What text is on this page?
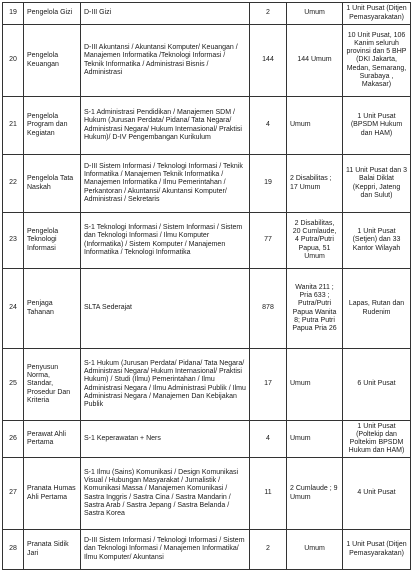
19	Pengelola Gizi	D-III Gizi	2	Umum	1 Unit Pusat (Ditjen Pemasyarakatan)
20	Pengelola Keuangan	D-III Akuntansi / Akuntansi Komputer/ Keuangan / Manajemen Informatika /Teknologi Informasi / Teknik Informatika / Administrasi Bisnis / Administrasi	144	144 Umum	10 Unit Pusat, 106 Kanim seluruh provinsi dan 5 BHP (DKI Jakarta, Medan, Semarang, Surabaya , Makasar)
21	Pengelola Program dan Kegiatan	S-1 Administrasi Pendidikan / Manajemen SDM / Hukum (Jurusan Perdata/ Pidana/ Tata Negara/ Administrasi Negara/ Hukum Internasional/ Praktisi Hukum)/ D-IV Pengembangan Kurikulum	4	Umum	1 Unit Pusat (BPSDM Hukum dan HAM)
22	Pengelola Tata Naskah	D-III Sistem Informasi / Teknologi Informasi / Teknik Informatika / Manajemen Teknik Informatika / Manajemen Informatika / Ilmu Pemerintahan / Perkantoran / Akuntansi/ Akuntansi Komputer/ Administrasi / Sekretaris	19	2 Disabilitas ; 17 Umum	11 Unit Pusat dan 3 Balai Diklat (Keppri, Jateng dan Sulut)
23	Pengelola Teknologi Informasi	S-1 Teknologi Informasi / Sistem Informasi / Sistem dan Teknologi Informasi / Ilmu Komputer (Informatika) / Sistem Komputer / Manajemen Informatika / Teknologi Informatika	77	2 Disabilitas, 20 Cumlaude, 4 Putra/Putri Papua, 51 Umum	1 Unit Pusat (Setjen) dan 33 Kantor Wilayah
24	Penjaga Tahanan	SLTA Sederajat	878	Wanita 211 ; Pria 633 ; Putra/Putri Papua Wanita 8; Putra Putri Papua Pria 26	Lapas, Rutan dan Rudenim
25	Penyusun Norma, Standar, Prosedur Dan Kriteria	S-1 Hukum (Jurusan Perdata/ Pidana/ Tata Negara/ Administrasi Negara/ Hukum Internasional/ Praktisi Hukum) / Studi (Ilmu) Pemerintahan / Ilmu Administrasi Negara / Ilmu Administrasi Publik / Ilmu Administrasi Negara / Manajemen Dan Kebijakan Publik	17	Umum	6 Unit Pusat
26	Perawat Ahli Pertama	S-1 Keperawatan + Ners	4	Umum	1 Unit Pusat (Poltekip dan Poltekim BPSDM Hukum dan HAM)
27	Pranata Humas Ahli Pertama	S-1 Ilmu (Sains) Komunikasi / Design Komunikasi Visual / Hubungan Masyarakat / Jurnalistik / Komunikasi Massa / Manajemen Komunikasi / Sastra Inggris / Sastra Cina / Sastra Mandarin / Sastra Arab / Sastra Jepang / Sastra Belanda / Sastra Korea	11	2 Cumlaude ; 9 Umum	4 Unit Pusat
28	Pranata Sidik Jari	D-III Sistem Informasi / Teknologi Informasi / Sistem dan Teknologi Informasi / Manajemen Informatika/ Ilmu Komputer/ Akuntansi	2	Umum	1 Unit Pusat (Ditjen Pemasyarakatan)
